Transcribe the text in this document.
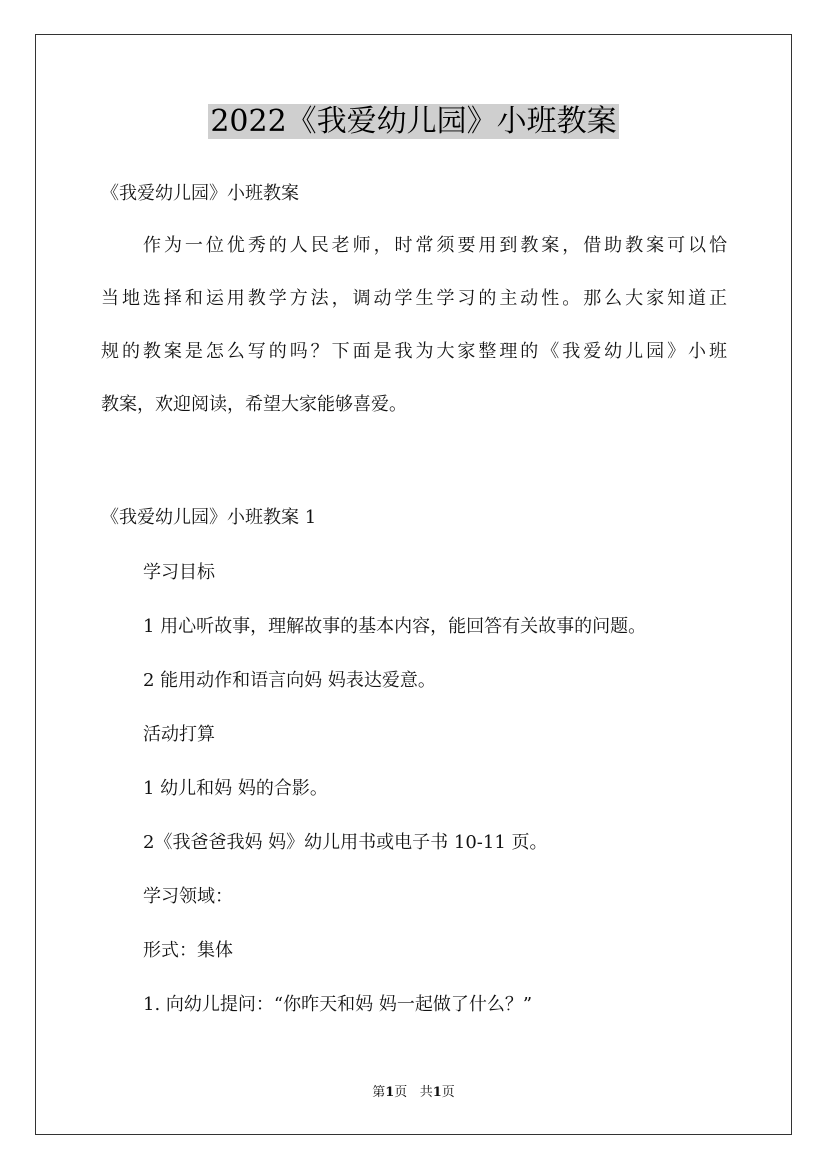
2022《我爱幼儿园》小班教案
《我爱幼儿园》小班教案
作为一位优秀的人民老师，时常须要用到教案，借助教案可以恰
当地选择和运用教学方法，调动学生学习的主动性。那么大家知道正
规的教案是怎么写的吗？下面是我为大家整理的《我爱幼儿园》小班
教案，欢迎阅读，希望大家能够喜爱。
《我爱幼儿园》小班教案 1
学习目标
1 用心听故事，理解故事的基本内容，能回答有关故事的问题。
2 能用动作和语言向妈 妈表达爱意。
活动打算
1 幼儿和妈 妈的合影。
2《我爸爸我妈 妈》幼儿用书或电子书 10-11 页。
学习领域：
形式：集体
1. 向幼儿提问：“你昨天和妈 妈一起做了什么？”
第1页   共1页
